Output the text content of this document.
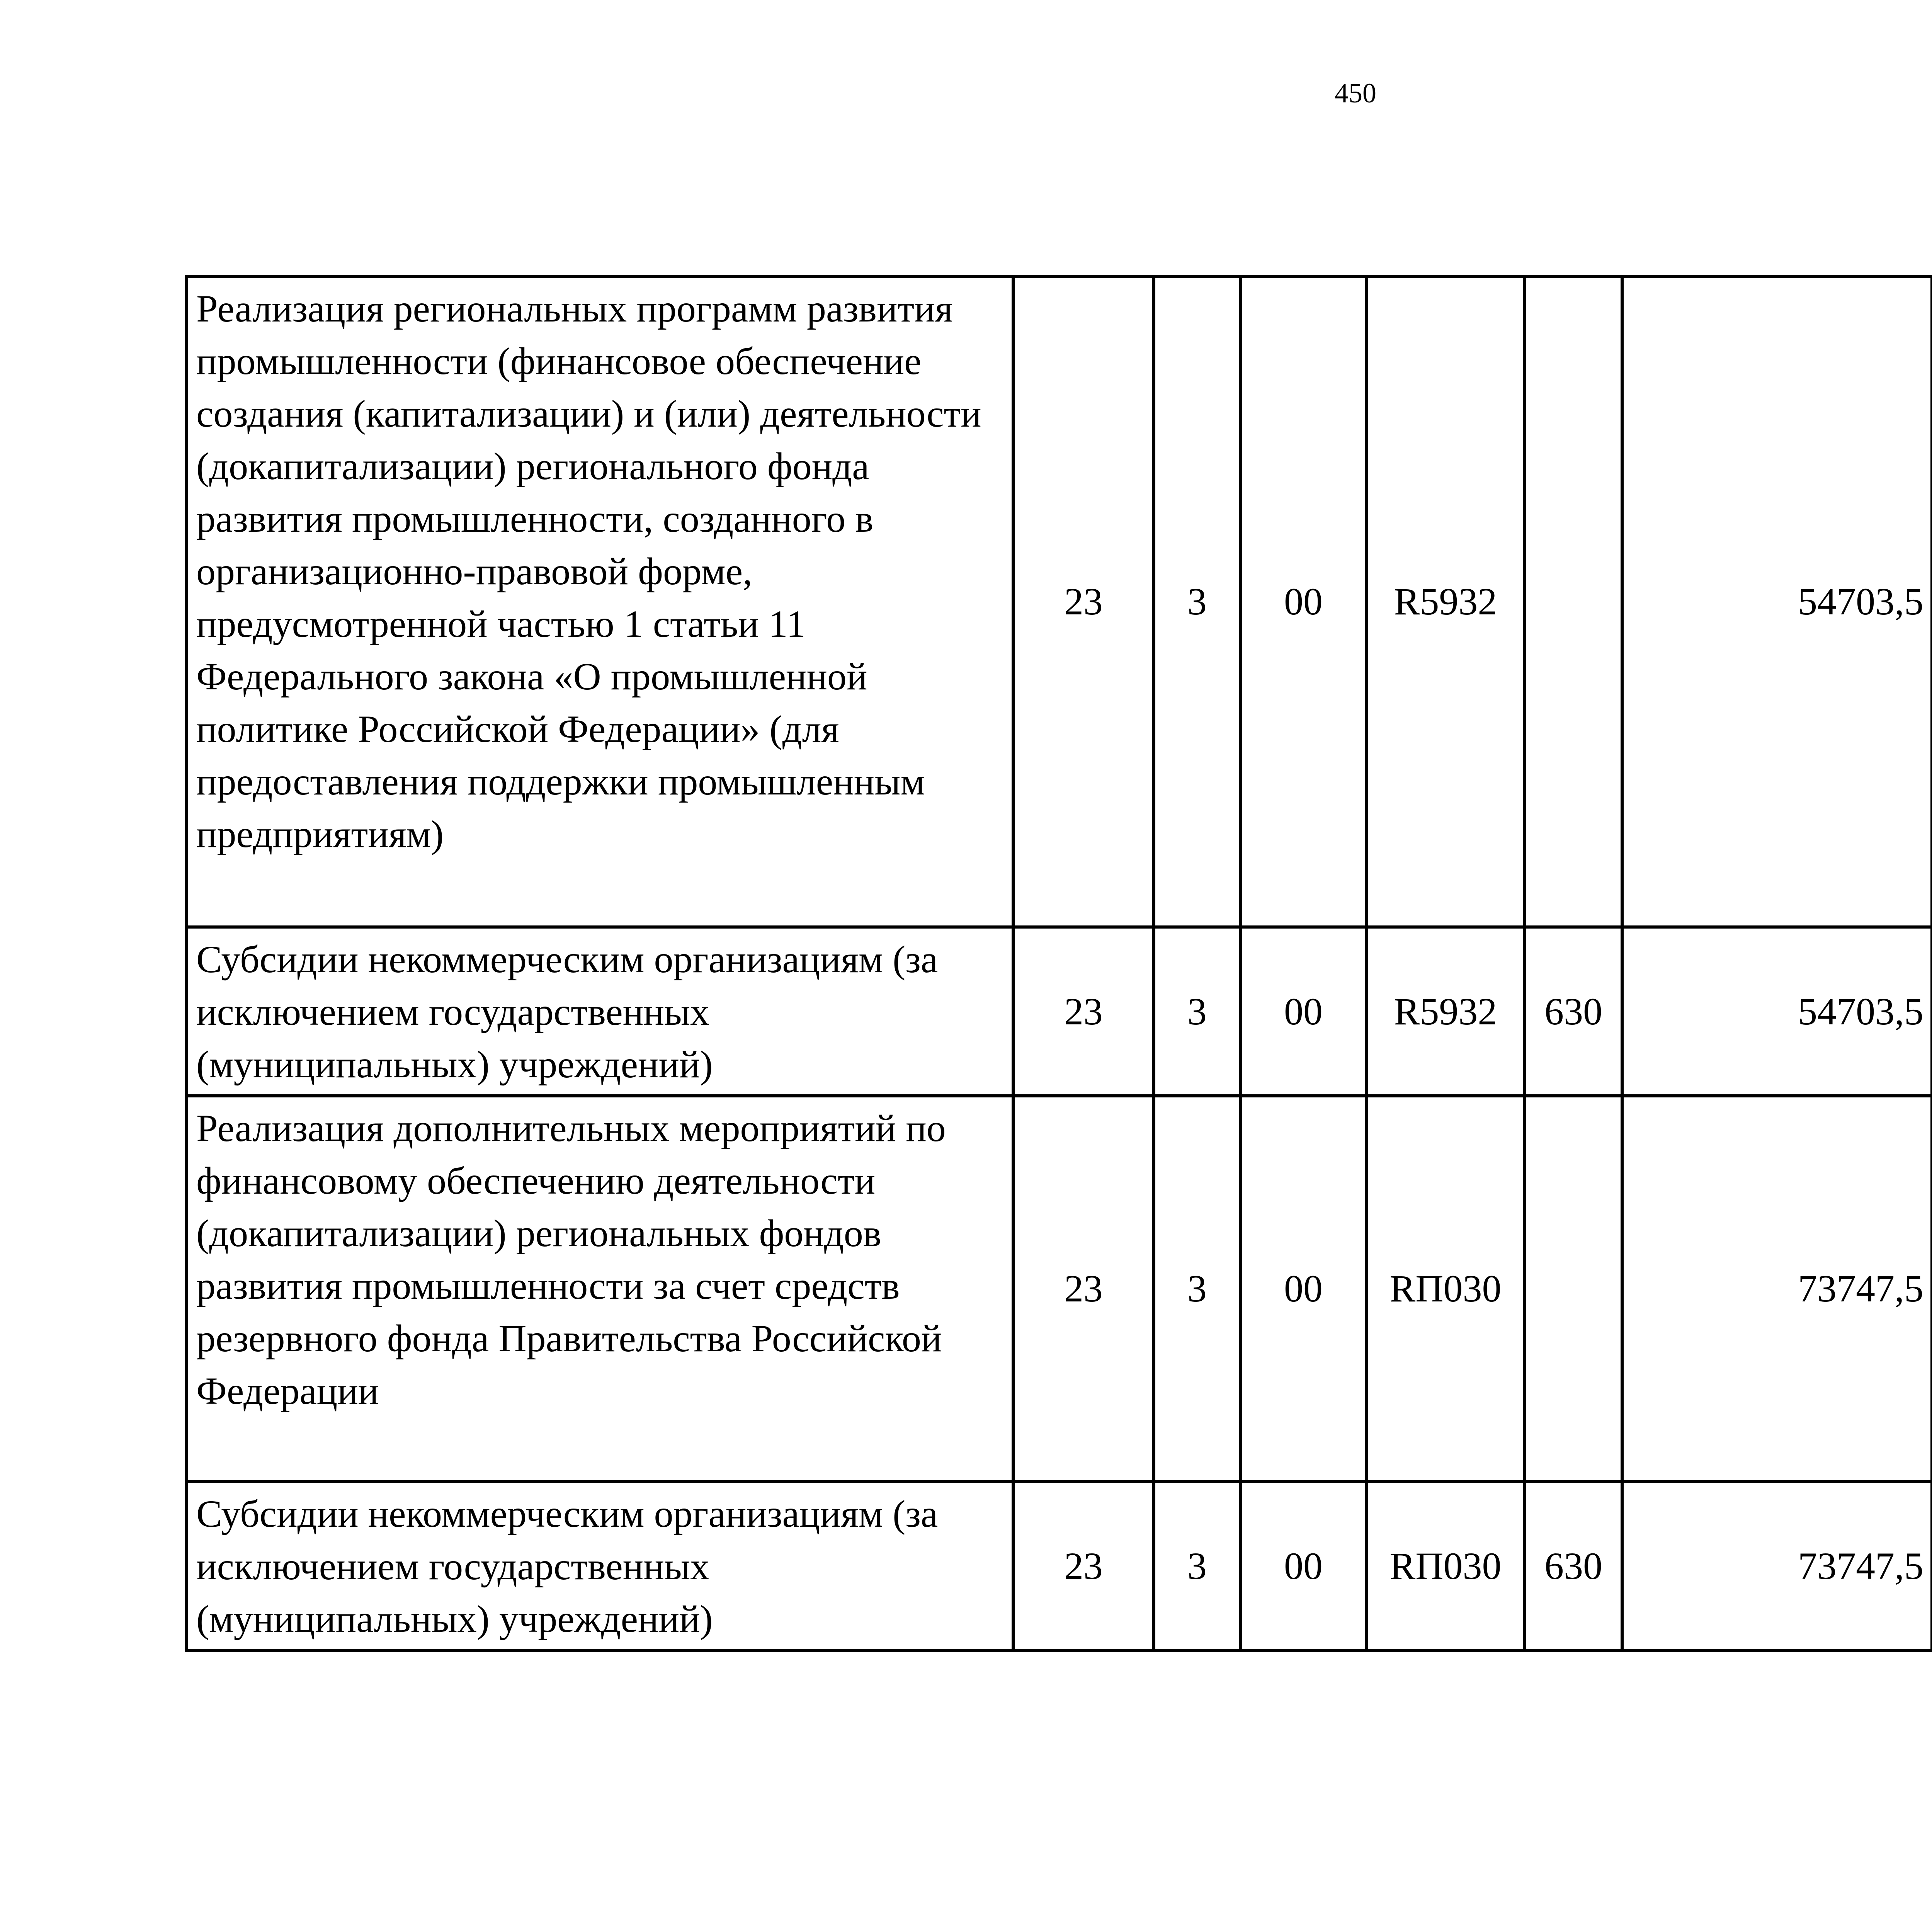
450
Реализация региональных программ развития промышленности (финансовое обеспечение создания (капитализации) и (или) деятельности (докапитализации) регионального фонда развития промышленности, созданного в организационно-правовой форме, предусмотренной частью 1 статьи 11 Федерального закона «О промышленной политике Российской Федерации» (для предоставления поддержки промышленным предприятиям)	23	3	00	R5932		54703,5		
Субсидии некоммерческим организациям (за исключением государственных (муниципальных) учреждений)	23	3	00	R5932	630	54703,5		
Реализация дополнительных мероприятий по финансовому обеспечению деятельности (докапитализации) региональных фондов развития промышленности за счет средств резервного фонда Правительства Российской Федерации	23	3	00	RП030		73747,5		
Субсидии некоммерческим организациям (за исключением государственных (муниципальных) учреждений)	23	3	00	RП030	630	73747,5		
